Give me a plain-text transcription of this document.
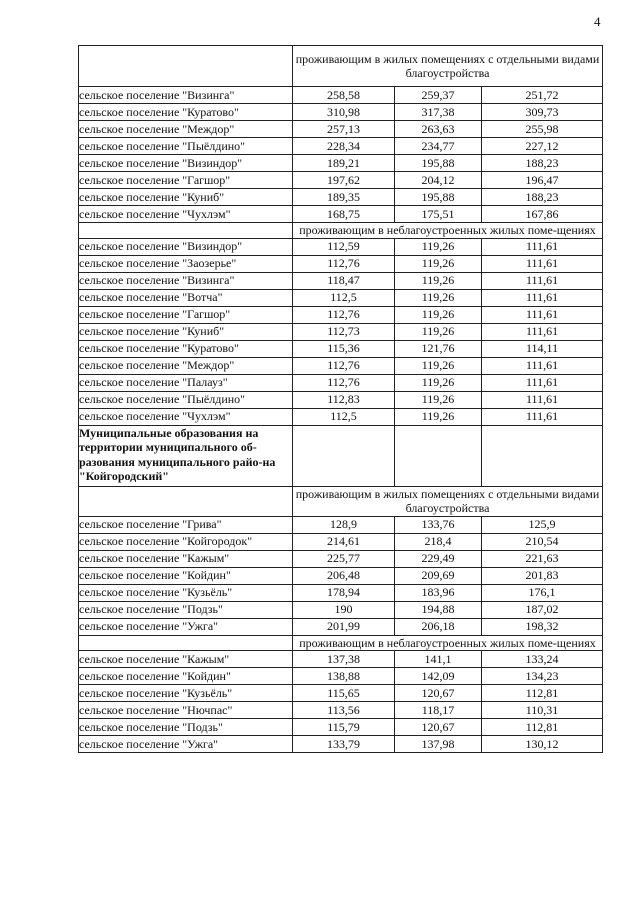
4
	проживающим в жилых помещениях с отдельными видами благоустройства		
сельское поселение "Визинга"	258,58	259,37	251,72
сельское поселение "Куратово"	310,98	317,38	309,73
сельское поселение "Междор"	257,13	263,63	255,98
сельское поселение "Пыёлдино"	228,34	234,77	227,12
сельское поселение "Визиндор"	189,21	195,88	188,23
сельское поселение "Гагшор"	197,62	204,12	196,47
сельское поселение "Куниб"	189,35	195,88	188,23
сельское поселение "Чухлэм"	168,75	175,51	167,86
	проживающим в неблагоустроенных жилых поме-щениях		
сельское поселение "Визиндор"	112,59	119,26	111,61
сельское поселение "Заозерье"	112,76	119,26	111,61
сельское поселение "Визинга"	118,47	119,26	111,61
сельское поселение "Вотча"	112,5	119,26	111,61
сельское поселение "Гагшор"	112,76	119,26	111,61
сельское поселение "Куниб"	112,73	119,26	111,61
сельское поселение "Куратово"	115,36	121,76	114,11
сельское поселение "Междор"	112,76	119,26	111,61
сельское поселение "Палауз"	112,76	119,26	111,61
сельское поселение "Пыёлдино"	112,83	119,26	111,61
сельское поселение "Чухлэм"	112,5	119,26	111,61
Муниципальные образования на территории муниципального об-разования муниципального райо-на "Койгородский"			
	проживающим в жилых помещениях с отдельными видами благоустройства		
сельское поселение "Грива"	128,9	133,76	125,9
сельское поселение "Койгородок"	214,61	218,4	210,54
сельское поселение "Кажым"	225,77	229,49	221,63
сельское поселение "Койдин"	206,48	209,69	201,83
сельское поселение "Кузьёль"	178,94	183,96	176,1
сельское поселение "Подзь"	190	194,88	187,02
сельское поселение "Ужга"	201,99	206,18	198,32
	проживающим в неблагоустроенных жилых поме-щениях		
сельское поселение "Кажым"	137,38	141,1	133,24
сельское поселение "Койдин"	138,88	142,09	134,23
сельское поселение "Кузьёль"	115,65	120,67	112,81
сельское поселение "Нючпас"	113,56	118,17	110,31
сельское поселение "Подзь"	115,79	120,67	112,81
сельское поселение "Ужга"	133,79	137,98	130,12
